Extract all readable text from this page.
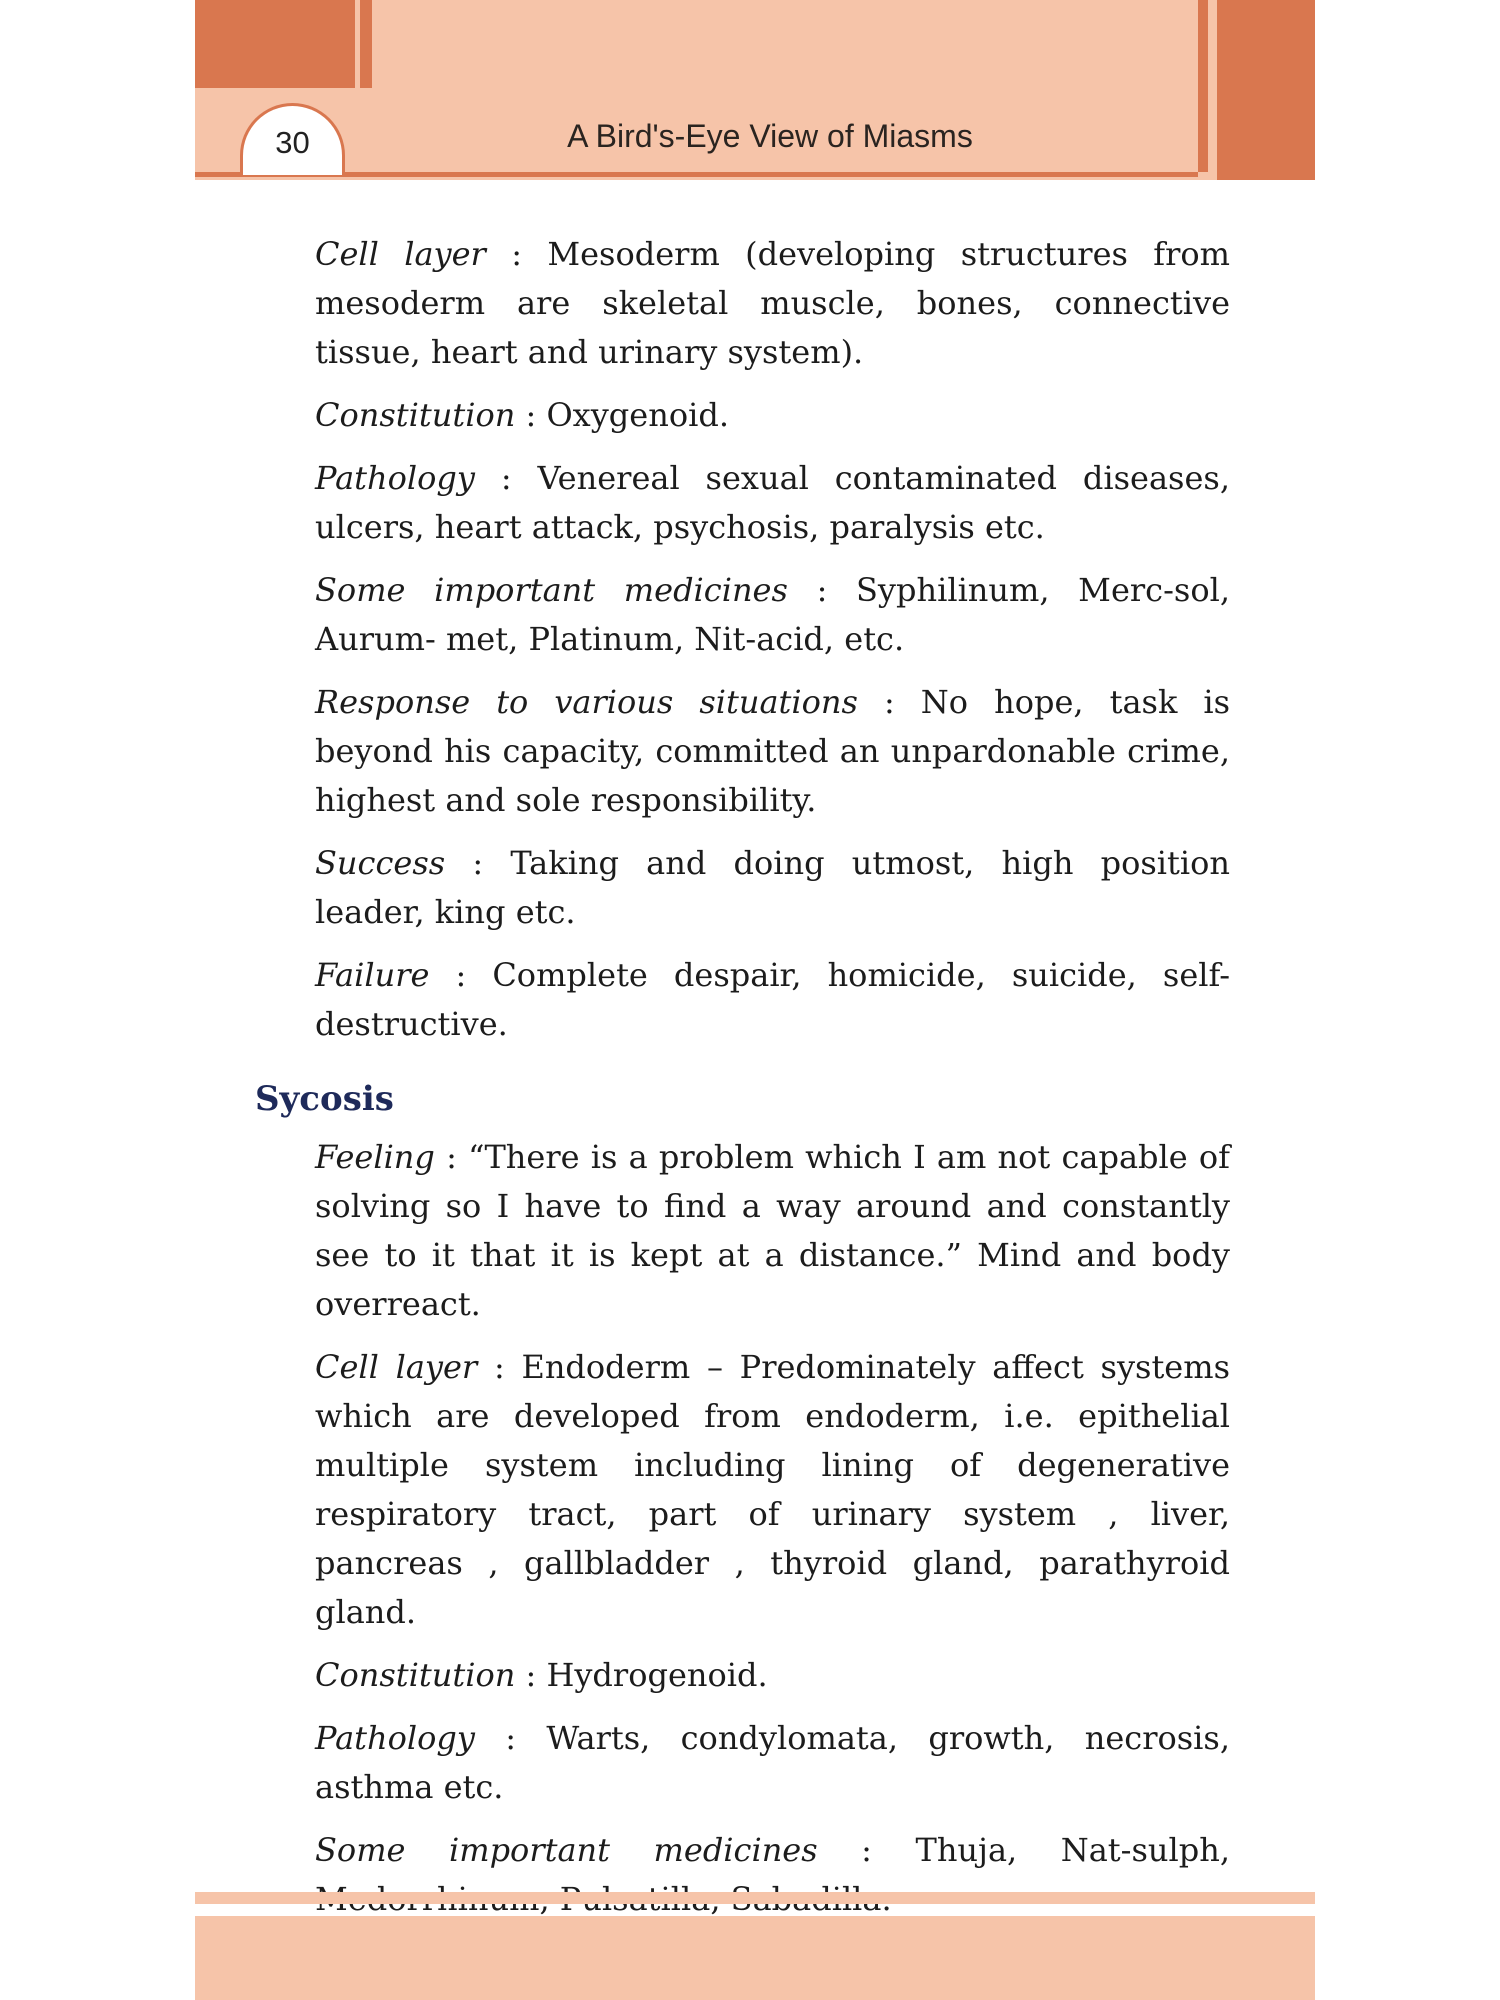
30	A Bird's-Eye View of Miasms

Cell layer : Mesoderm (developing structures from mesoderm are skeletal muscle, bones, connective tissue, heart and urinary system).

Constitution : Oxygenoid.

Pathology : Venereal sexual contaminated diseases, ulcers, heart attack, psychosis, paralysis etc.

Some important medicines : Syphilinum, Merc-sol, Aurum- met, Platinum, Nit-acid, etc.

Response to various situations : No hope, task is beyond his capacity, committed an unpardonable crime, highest and sole responsibility.

Success : Taking and doing utmost, high position leader, king etc.

Failure : Complete despair, homicide, suicide, self-destructive.

Sycosis

Feeling : “There is a problem which I am not capable of solving so I have to find a way around and constantly see to it that it is kept at a distance.” Mind and body overreact.

Cell layer : Endoderm – Predominately affect systems which are developed from endoderm, i.e. epithelial multiple system including lining of degenerative respiratory tract, part of urinary system , liver, pancreas , gallbladder , thyroid gland, parathyroid gland.

Constitution : Hydrogenoid.

Pathology : Warts, condylomata, growth, necrosis, asthma etc.

Some important medicines : Thuja, Nat-sulph,
